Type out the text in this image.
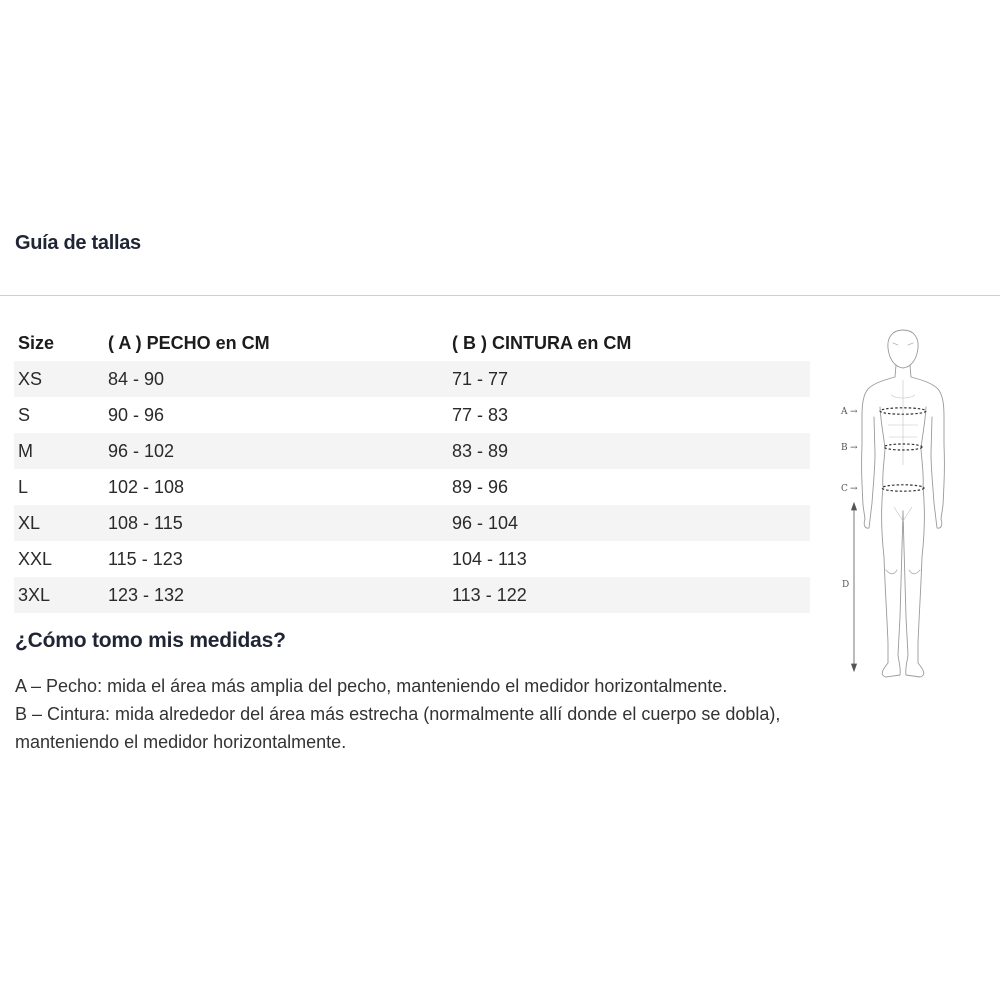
Guía de tallas
Size	( A ) PECHO en CM	( B ) CINTURA en CM
XS	84 - 90	71 - 77
S	90 - 96	77 - 83
M	96 - 102	83 - 89
L	102 - 108	89 - 96
XL	108 - 115	96 - 104
XXL	115 - 123	104 - 113
3XL	123 - 132	113 - 122
¿Cómo tomo mis medidas?

A – Pecho: mida el área más amplia del pecho, manteniendo el medidor horizontalmente.

B – Cintura: mida alrededor del área más estrecha (normalmente allí donde el cuerpo se dobla), manteniendo el medidor horizontalmente.

A →
B →
C →
D
